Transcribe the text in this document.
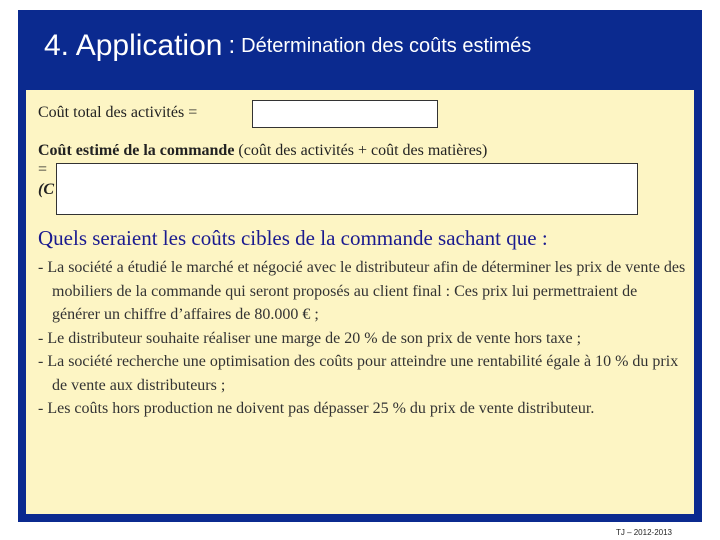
4. Application : Détermination des coûts estimés
Coût total des activités =
Coût estimé de la commande (coût des activités + coût des matières)
=
(C
Quels seraient les coûts cibles de la commande sachant que :
- La société a étudié le marché et négocié avec le distributeur afin de déterminer les prix de vente des mobiliers de la commande qui seront proposés au client final : Ces prix lui permettraient de générer un chiffre d’affaires de 80.000 € ;
- Le distributeur souhaite réaliser une marge de 20 % de son prix de vente hors taxe ;
- La société recherche une optimisation des coûts pour atteindre une rentabilité égale à 10 % du prix de vente aux distributeurs ;
- Les coûts hors production ne doivent pas dépasser 25 % du prix de vente distributeur.
TJ – 2012-2013
